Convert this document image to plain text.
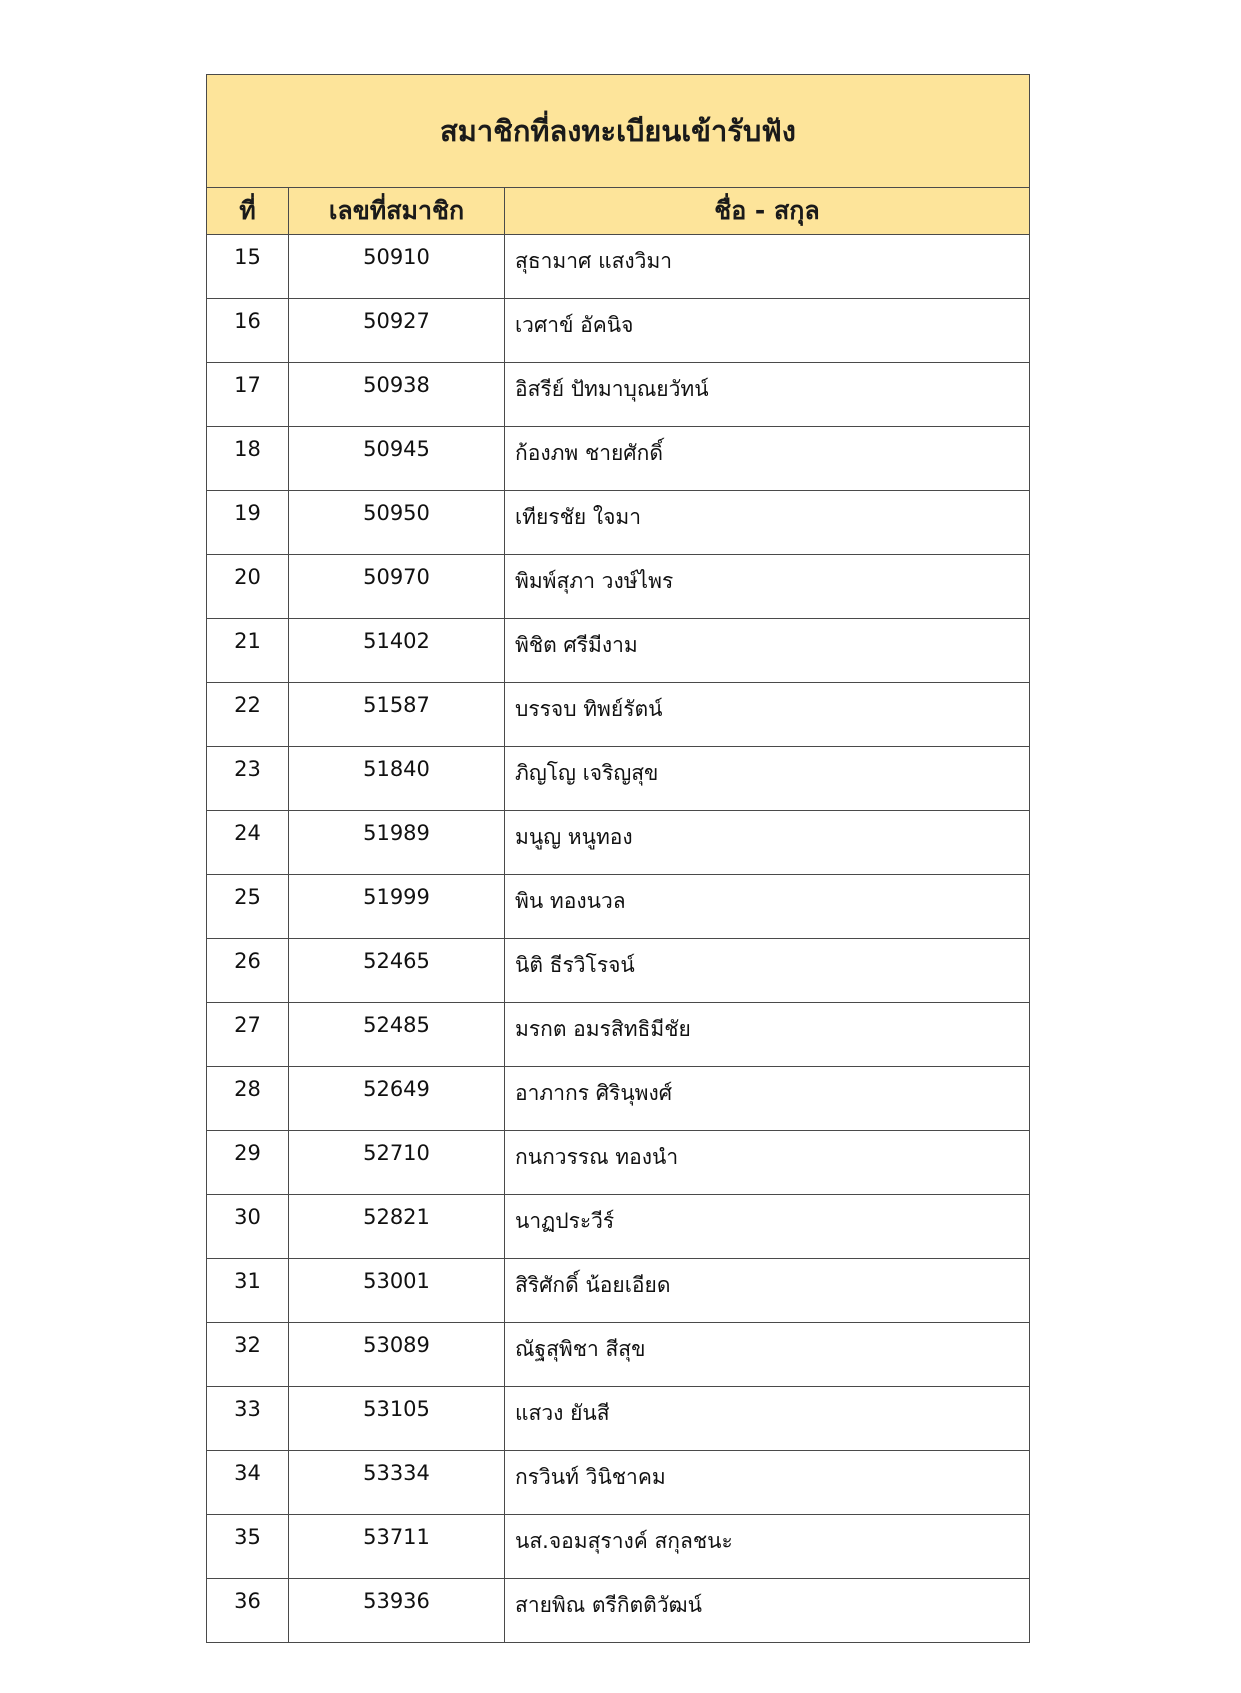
สมาชิกที่ลงทะเบียนเข้ารับฟัง		
ที่	เลขที่สมาชิก	ชื่อ - สกุล
15	50910	สุธามาศ แสงวิมา
16	50927	เวศาข์ อัคนิจ
17	50938	อิสรีย์ ปัทมาบุณยวัทน์
18	50945	ก้องภพ ชายศักดิ์
19	50950	เทียรชัย ใจมา
20	50970	พิมพ์สุภา วงษ์ไพร
21	51402	พิชิต ศรีมีงาม
22	51587	บรรจบ ทิพย์รัตน์
23	51840	ภิญโญ เจริญสุข
24	51989	มนูญ หนูทอง
25	51999	พิน ทองนวล
26	52465	นิติ ธีรวิโรจน์
27	52485	มรกต อมรสิทธิมีชัย
28	52649	อาภากร ศิรินุพงศ์
29	52710	กนกวรรณ ทองนำ
30	52821	นาฏประวีร์
31	53001	สิริศักดิ์ น้อยเอียด
32	53089	ณัฐสุพิชา สีสุข
33	53105	แสวง ยันสี
34	53334	กรวินท์ วินิชาคม
35	53711	นส.จอมสุรางค์ สกุลชนะ
36	53936	สายพิณ ตรีกิตติวัฒน์
